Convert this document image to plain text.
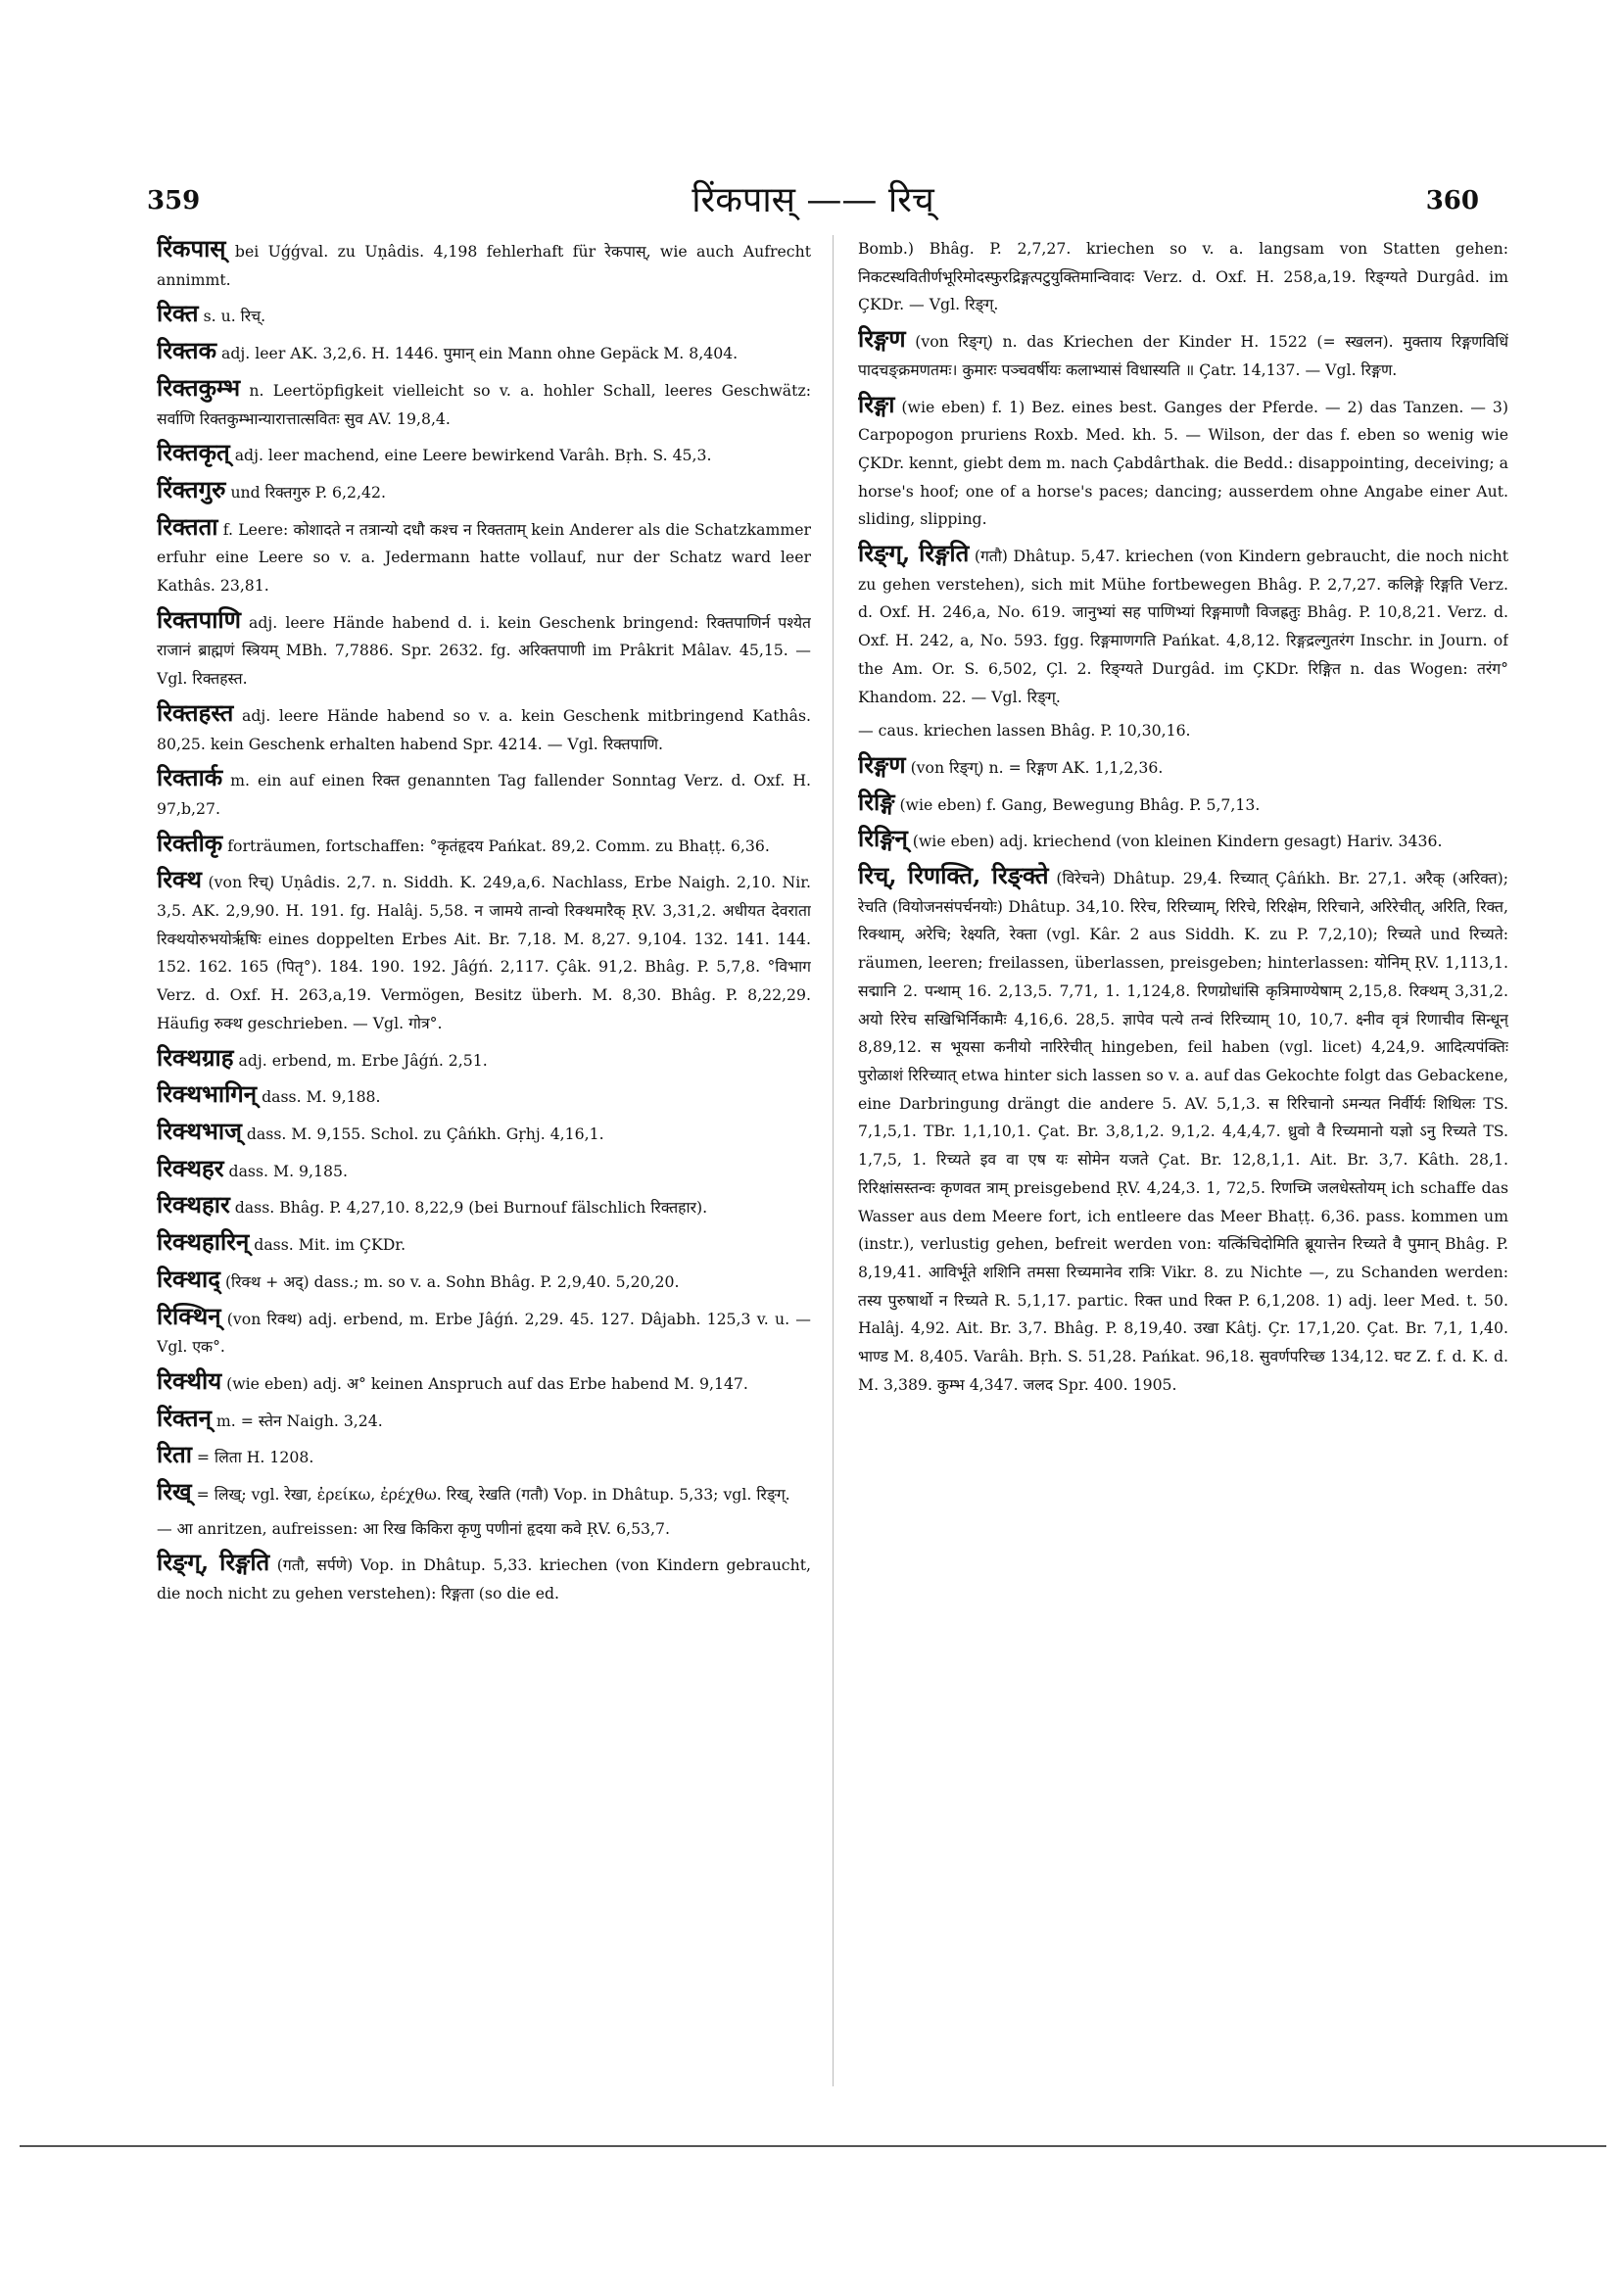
359	रिंकपास् —— रिच्	360

रिंकपास् bei Uǵǵval. zu Uṇâdis. 4,198 fehlerhaft für रेकपास्, wie auch Aufrecht annimmt.

रिक्त s. u. रिच्.

रिक्तक adj. leer AK. 3,2,6. H. 1446. पुमान् ein Mann ohne Gepäck M. 8,404.

रिक्तकुम्भ n. Leertöpfigkeit vielleicht so v. a. hohler Schall, leeres Geschwätz: सर्वाणि रिक्तकुम्भान्यारात्तात्सवितः सुव AV. 19,8,4.

रिक्तकृत् adj. leer machend, eine Leere bewirkend Varâh. Bṛh. S. 45,3.

रिंक्तगुरु und रिक्तगुरु P. 6,2,42.

रिक्तता f. Leere: कोशादते न तत्रान्यो दधौ कश्च न रिक्तताम् kein Anderer als die Schatzkammer erfuhr eine Leere so v. a. Jedermann hatte vollauf, nur der Schatz ward leer Kathâs. 23,81.

रिक्तपाणि adj. leere Hände habend d. i. kein Geschenk bringend: रिक्तपाणिर्न पश्येत राजानं ब्राह्मणं स्त्रियम् MBh. 7,7886. Spr. 2632. fg. अरिक्तपाणी im Prâkrit Mâlav. 45,15. — Vgl. रिक्तहस्त.

रिक्तहस्त adj. leere Hände habend so v. a. kein Geschenk mitbringend Kathâs. 80,25. kein Geschenk erhalten habend Spr. 4214. — Vgl. रिक्तपाणि.

रिक्तार्क m. ein auf einen रिक्त genannten Tag fallender Sonntag Verz. d. Oxf. H. 97,b,27.

रिक्तीकृ forträumen, fortschaffen: °कृतंहृदय Pańkat. 89,2. Comm. zu Bhaṭṭ. 6,36.

रिक्थ (von रिच्) Uṇâdis. 2,7. n. Siddh. K. 249,a,6. Nachlass, Erbe Naigh. 2,10. Nir. 3,5. AK. 2,9,90. H. 191. fg. Halâj. 5,58. न जामये तान्वो रिक्थमारैक् ṚV. 3,31,2. अधीयत देवराता रिक्थयोरुभयोरृषिः eines doppelten Erbes Ait. Br. 7,18. M. 8,27. 9,104. 132. 141. 144. 152. 162. 165 (पितृ°). 184. 190. 192. Jâǵń. 2,117. Çâk. 91,2. Bhâg. P. 5,7,8. °विभाग Verz. d. Oxf. H. 263,a,19. Vermögen, Besitz überh. M. 8,30. Bhâg. P. 8,22,29. Häufig रुक्थ geschrieben. — Vgl. गोत्र°.

रिक्थग्राह adj. erbend, m. Erbe Jâǵń. 2,51.

रिक्थभागिन् dass. M. 9,188.

रिक्थभाज् dass. M. 9,155. Schol. zu Çâńkh. Gṛhj. 4,16,1.

रिक्थहर dass. M. 9,185.

रिक्थहार dass. Bhâg. P. 4,27,10. 8,22,9 (bei Burnouf fälschlich रिक्तहार).

रिक्थहारिन् dass. Mit. im ÇKDr.

रिक्थाद् (रिक्थ + अद्) dass.; m. so v. a. Sohn Bhâg. P. 2,9,40. 5,20,20.

रिक्थिन् (von रिक्थ) adj. erbend, m. Erbe Jâǵń. 2,29. 45. 127. Dâjabh. 125,3 v. u. — Vgl. एक°.

रिक्थीय (wie eben) adj. अ° keinen Anspruch auf das Erbe habend M. 9,147.

रिंक्तन् m. = स्तेन Naigh. 3,24.

रिता = लिता H. 1208.

रिख् = लिख्; vgl. रेखा, ἐρείκω, ἐρέχθω. रिख्, रेखति (गतौ) Vop. in Dhâtup. 5,33; vgl. रिङ्ग्.

— आ anritzen, aufreissen: आ रिख किकिरा कृणु पणीनां हृदया कवे ṚV. 6,53,7.

रिङ्ग्, रिङ्गति (गतौ, सर्पणे) Vop. in Dhâtup. 5,33. kriechen (von Kindern gebraucht, die noch nicht zu gehen verstehen): रिङ्गता (so die ed.

Bomb.) Bhâg. P. 2,7,27. kriechen so v. a. langsam von Statten gehen: निकटस्थवितीर्णभूरिमोदस्फुरद्रिङ्गत्पटुयुक्तिमान्विवादः Verz. d. Oxf. H. 258,a,19. रिङ्ग्यते Durgâd. im ÇKDr. — Vgl. रिङ्ग्.

रिङ्गण (von रिङ्ग्) n. das Kriechen der Kinder H. 1522 (= स्खलन). मुक्ताय रिङ्गणविधिं पादचङ्क्रमणतमः। कुमारः पञ्चवर्षीयः कलाभ्यासं विधास्यति ॥ Çatr. 14,137. — Vgl. रिङ्गण.

रिङ्गा (wie eben) f. 1) Bez. eines best. Ganges der Pferde. — 2) das Tanzen. — 3) Carpopogon pruriens Roxb. Med. kh. 5. — Wilson, der das f. eben so wenig wie ÇKDr. kennt, giebt dem m. nach Çabdârthak. die Bedd.: disappointing, deceiving; a horse's hoof; one of a horse's paces; dancing; ausserdem ohne Angabe einer Aut. sliding, slipping.

रिङ्ग्, रिङ्गति (गतौ) Dhâtup. 5,47. kriechen (von Kindern gebraucht, die noch nicht zu gehen verstehen), sich mit Mühe fortbewegen Bhâg. P. 2,7,27. कलिङ्गे रिङ्गति Verz. d. Oxf. H. 246,a, No. 619. जानुभ्यां सह पाणिभ्यां रिङ्गमाणौ विजह्रतुः Bhâg. P. 10,8,21. Verz. d. Oxf. H. 242, a, No. 593. fgg. रिङ्गमाणगति Pańkat. 4,8,12. रिङ्गद्रल्गुतरंग Inschr. in Journ. of the Am. Or. S. 6,502, Çl. 2. रिङ्ग्यते Durgâd. im ÇKDr. रिङ्गित n. das Wogen: तरंग° Khandom. 22. — Vgl. रिङ्ग्.

— caus. kriechen lassen Bhâg. P. 10,30,16.

रिङ्गण (von रिङ्ग्) n. = रिङ्गण AK. 1,1,2,36.

रिङ्गि (wie eben) f. Gang, Bewegung Bhâg. P. 5,7,13.

रिङ्गिन् (wie eben) adj. kriechend (von kleinen Kindern gesagt) Hariv. 3436.

रिच्, रिणक्ति, रिङ्क्ते (विरेचने) Dhâtup. 29,4. रिच्यात् Çâńkh. Br. 27,1. अरैक् (अरिक्त); रेचति (वियोजनसंपर्चनयोः) Dhâtup. 34,10. रिरेच, रिरिच्याम्, रिरिचे, रिरिक्षेम, रिरिचाने, अरिरेचीत्, अरिति, रिक्त, रिक्थाम्, अरेचि; रेक्ष्यति, रेक्ता (vgl. Kâr. 2 aus Siddh. K. zu P. 7,2,10); रिच्यते und रिच्यते: räumen, leeren; freilassen, überlassen, preisgeben; hinterlassen: योनिम् ṚV. 1,113,1. सद्मानि 2. पन्थाम् 16. 2,13,5. 7,71, 1. 1,124,8. रिणग्रोधांसि कृत्रिमाण्येषाम् 2,15,8. रिक्थम् 3,31,2. अयो रिरेच सखिभिर्निकामैः 4,16,6. 28,5. ज्ञापेव पत्ये तन्वं रिरिच्याम् 10, 10,7. क्ष्नीव वृत्रं रिणाचीव सिन्धून् 8,89,12. स भूयसा कनीयो नारिरेचीत् hingeben, feil haben (vgl. licet) 4,24,9. आदित्यपंक्तिः पुरोळाशं रिरिच्यात् etwa hinter sich lassen so v. a. auf das Gekochte folgt das Gebackene, eine Darbringung drängt die andere 5. AV. 5,1,3. स रिरिचानो ऽमन्यत निर्वीर्यः शिथिलः TS. 7,1,5,1. TBr. 1,1,10,1. Çat. Br. 3,8,1,2. 9,1,2. 4,4,4,7. ध्रुवो वै रिच्यमानो यज्ञो ऽनु रिच्यते TS. 1,7,5, 1. रिच्यते इव वा एष यः सोमेन यजते Çat. Br. 12,8,1,1. Ait. Br. 3,7. Kâth. 28,1. रिरिक्षांसस्तन्वः कृणवत त्राम् preisgebend ṚV. 4,24,3. 1, 72,5. रिणच्मि जलधेस्तोयम् ich schaffe das Wasser aus dem Meere fort, ich entleere das Meer Bhaṭṭ. 6,36. pass. kommen um (instr.), verlustig gehen, befreit werden von: यत्किंचिदोमिति ब्रूयात्तेन रिच्यते वै पुमान् Bhâg. P. 8,19,41. आविर्भूते शशिनि तमसा रिच्यमानेव रात्रिः Vikr. 8. zu Nichte —, zu Schanden werden: तस्य पुरुषार्थो न रिच्यते R. 5,1,17. partic. रिक्त und रिक्त P. 6,1,208. 1) adj. leer Med. t. 50. Halâj. 4,92. Ait. Br. 3,7. Bhâg. P. 8,19,40. उखा Kâtj. Çr. 17,1,20. Çat. Br. 7,1, 1,40. भाण्ड M. 8,405. Varâh. Bṛh. S. 51,28. Pańkat. 96,18. सुवर्णपरिच्छ 134,12. घट Z. f. d. K. d. M. 3,389. कुम्भ 4,347. जलद Spr. 400. 1905.
